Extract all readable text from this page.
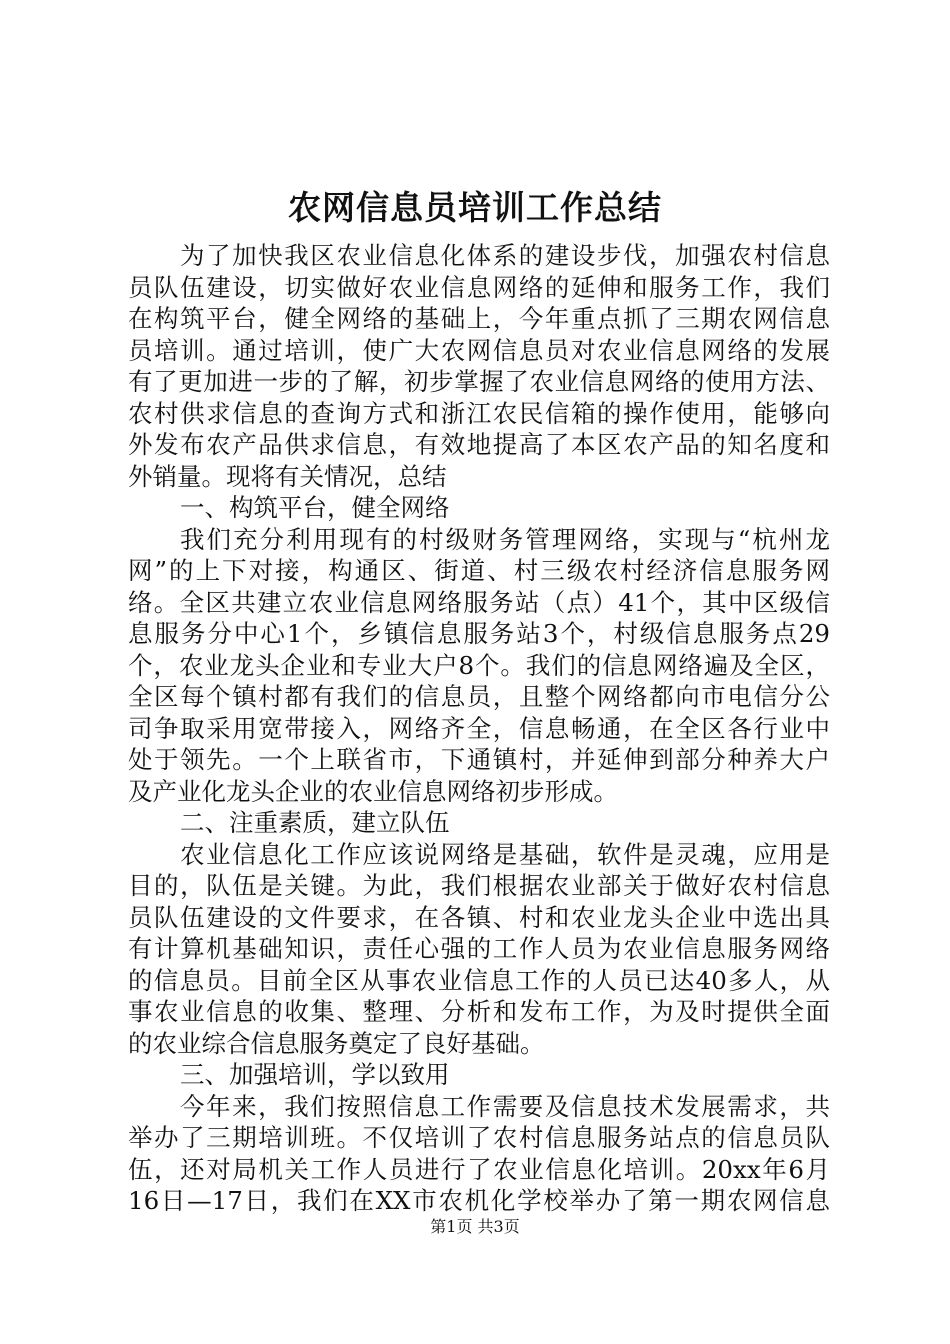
农网信息员培训工作总结
为了加快我区农业信息化体系的建设步伐，加强农村信息
员队伍建设，切实做好农业信息网络的延伸和服务工作，我们
在构筑平台，健全网络的基础上，今年重点抓了三期农网信息
员培训。通过培训，使广大农网信息员对农业信息网络的发展
有了更加进一步的了解，初步掌握了农业信息网络的使用方法、
农村供求信息的查询方式和浙江农民信箱的操作使用，能够向
外发布农产品供求信息，有效地提高了本区农产品的知名度和
外销量。现将有关情况，总结
一、构筑平台，健全网络
我们充分利用现有的村级财务管理网络，实现与“杭州龙
网”的上下对接，构通区、街道、村三级农村经济信息服务网
络。全区共建立农业信息网络服务站（点）41个，其中区级信
息服务分中心1个，乡镇信息服务站3个，村级信息服务点29
个，农业龙头企业和专业大户8个。我们的信息网络遍及全区，
全区每个镇村都有我们的信息员，且整个网络都向市电信分公
司争取采用宽带接入，网络齐全，信息畅通，在全区各行业中
处于领先。一个上联省市，下通镇村，并延伸到部分种养大户
及产业化龙头企业的农业信息网络初步形成。
二、注重素质，建立队伍
农业信息化工作应该说网络是基础，软件是灵魂，应用是
目的，队伍是关键。为此，我们根据农业部关于做好农村信息
员队伍建设的文件要求，在各镇、村和农业龙头企业中选出具
有计算机基础知识，责任心强的工作人员为农业信息服务网络
的信息员。目前全区从事农业信息工作的人员已达40多人，从
事农业信息的收集、整理、分析和发布工作，为及时提供全面
的农业综合信息服务奠定了良好基础。
三、加强培训，学以致用
今年来，我们按照信息工作需要及信息技术发展需求，共
举办了三期培训班。不仅培训了农村信息服务站点的信息员队
伍，还对局机关工作人员进行了农业信息化培训。20xx年6月
16日—17日，我们在XX市农机化学校举办了第一期农网信息
第1页 共3页
